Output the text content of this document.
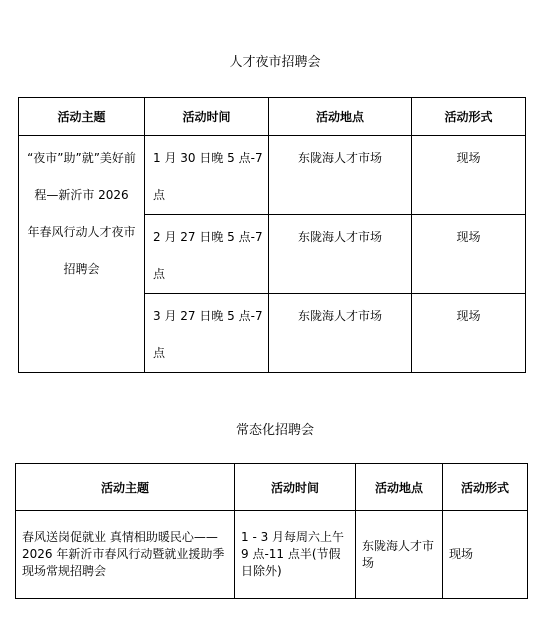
人才夜市招聘会
活动主题	活动时间	活动地点	活动形式

“夜市”助”就”美好前程—新沂市 2026 年春风行动人才夜市招聘会	1 月 30 日晚 5 点-7 点	东陇海人才市场	现场

	2 月 27 日晚 5 点-7 点	东陇海人才市场	现场

	3 月 27 日晚 5 点-7 点	东陇海人才市场	现场
常态化招聘会
活动主题	活动时间	活动地点	活动形式
春风送岗促就业 真情相助暖民心——2026 年新沂市春风行动暨就业援助季现场常规招聘会	1 - 3 月每周六上午 9 点-11 点半(节假日除外)	东陇海人才市场	现场
